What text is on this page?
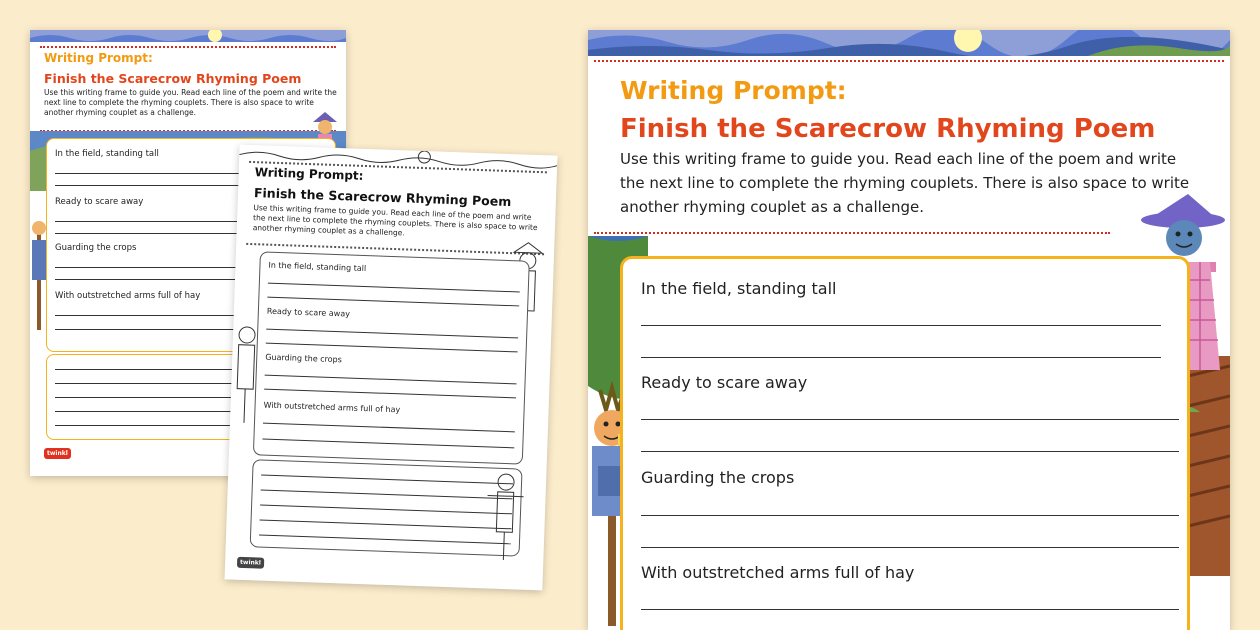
Writing Prompt:
Finish the Scarecrow Rhyming Poem

Use this writing frame to guide you. Read each line of the poem and write the next line to complete the rhyming couplets. There is also space to write another rhyming couplet as a challenge.

In the field, standing tall
Ready to scare away
Guarding the crops
With outstretched arms full of hay
twinkl
Writing Prompt:
Finish the Scarecrow Rhyming Poem

Use this writing frame to guide you. Read each line of the poem and write the next line to complete the rhyming couplets. There is also space to write another rhyming couplet as a challenge.

In the field, standing tall
Ready to scare away
Guarding the crops
With outstretched arms full of hay
twinkl
Writing Prompt:
Finish the Scarecrow Rhyming Poem

Use this writing frame to guide you. Read each line of the poem and write the next line to complete the rhyming couplets. There is also space to write another rhyming couplet as a challenge.

In the field, standing tall
Ready to scare away
Guarding the crops
With outstretched arms full of hay
